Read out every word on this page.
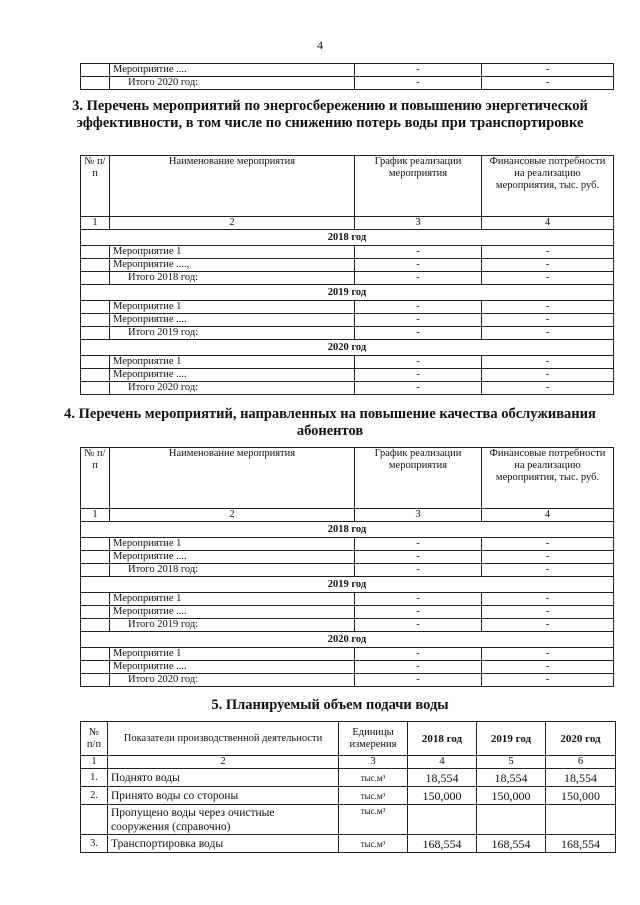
4
	Мероприятие ....	-	-
	Итого 2020 год:	-	-
3. Перечень мероприятий по энергосбережению и повышению энергетической эффективности, в том числе по снижению потерь воды при транспортировке
№ п/п	Наименование мероприятия	График реализации мероприятия	Финансовые потребности на реализацию мероприятия, тыс. руб.
1	2	3	4
2018 год			
	Мероприятие 1	-	-
	Мероприятие ....,	-	-
	Итого 2018 год:	-	-
2019 год			
	Мероприятие 1	-	-
	Мероприятие ....	-	-
	Итого 2019 год:	-	-
2020 год			
	Мероприятие 1	-	-
	Мероприятие ....	-	-
	Итого 2020 год:	-	-
4. Перечень мероприятий, направленных на повышение качества обслуживания абонентов
№ п/п	Наименование мероприятия	График реализации мероприятия	Финансовые потребности на реализацию мероприятия, тыс. руб.
1	2	3	4
2018 год			
	Мероприятие 1	-	-
	Мероприятие ....	-	-
	Итого 2018 год:	-	-
2019 год			
	Мероприятие 1	-	-
	Мероприятие ....	-	-
	Итого 2019 год:	-	-
2020 год			
	Мероприятие 1	-	-
	Мероприятие ....	-	-
	Итого 2020 год:	-	-
5. Планируемый объем подачи воды
№ п/п	Показатели производственной деятельности	Единицы измерения	2018 год	2019 год	2020 год
1	2	3	4	5	6
1.	Поднято воды	тыс.м³	18,554	18,554	18,554
2.	Принято воды со стороны	тыс.м³	150,000	150,000	150,000
	Пропущено воды через очистные сооружения (справочно)	тыс.м³			
3.	Транспортировка воды	тыс.м³	168,554	168,554	168,554
